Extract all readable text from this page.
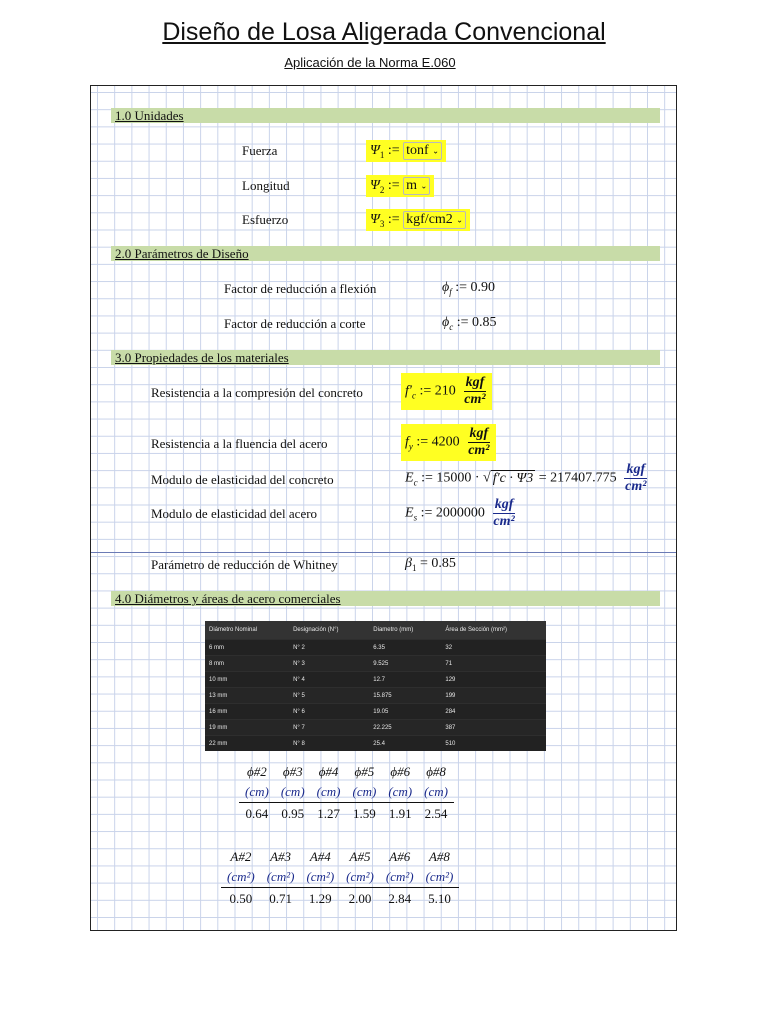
Diseño de Losa Aligerada Convencional
Aplicación de la Norma E.060
1.0 Unidades
Fuerza	$\Psi_1$ := tonf ⌄
Longitud	$\Psi_2$ := m ⌄
Esfuerzo	$\Psi_3$ := kgf/cm2 ⌄
2.0 Parámetros de Diseño
Factor de reducción a flexión	$\phi_f$ := 0.90
Factor de reducción a corte	$\phi_c$ := 0.85
3.0 Propiedades de los materiales
Resistencia a la compresión del concreto	$f'_c$ := $210 \frac{\text{kgf}}{\text{cm²}}$
Resistencia a la fluencia del acero	$f_y$ := $4200 \frac{\text{kgf}}{\text{cm²}}$
Modulo de elasticidad del concreto	$E_c$ := 15000 · √ $f'c \cdot \Psi 3 = 217407.775 \frac{\text{kgf}}{\text{cm²}}$
Modulo de elasticidad del acero	$E_s$ := $2000000 \frac{\text{kgf}}{\text{cm²}}$
Parámetro de reducción de Whitney	$\beta_1 = 0.85$
4.0 Diámetros y áreas de acero comerciales
Diámetro Nominal	Designación (N°)	Diametro (mm)	Área de Sección (mm²)
6 mm	N° 2	6.35	32
8 mm	N° 3	9.525	71
10 mm	N° 4	12.7	129
13 mm	N° 5	15.875	199
16 mm	N° 6	19.05	284
19 mm	N° 7	22.225	387
22 mm	N° 8	25.4	510
ϕ#2	ϕ#3	ϕ#4	ϕ#5	ϕ#6	ϕ#8
(cm)	(cm)	(cm)	(cm)	(cm)	(cm)
0.64	0.95	1.27	1.59	1.91	2.54
A#2	A#3	A#4	A#5	A#6	A#8
(cm²)	(cm²)	(cm²)	(cm²)	(cm²)	(cm²)
0.50	0.71	1.29	2.00	2.84	5.10
